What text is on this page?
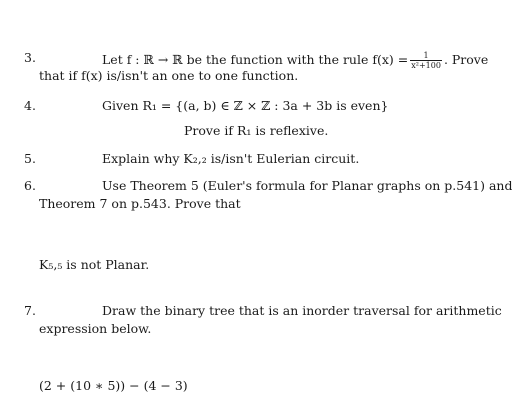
3.	Let f : ℝ → ℝ be the function with the rule $f(x) = \frac{1}{\text{x²+100}}$ . Prove
that if f(x) is/isn't an one to one function.
4.	Given R₁ = {(a, b) ∈ ℤ × ℤ : 3a + 3b is even}
Prove if R₁ is reflexive.
5.	Explain why K₂,₂ is/isn't Eulerian circuit.
6.	Use Theorem 5 (Euler's formula for Planar graphs on p.541) and
Theorem 7 on p.543. Prove that
K₅,₅ is not Planar.
7.	Draw the binary tree that is an inorder traversal for arithmetic
expression below.
(2 + (10 ∗ 5)) − (4 − 3)
